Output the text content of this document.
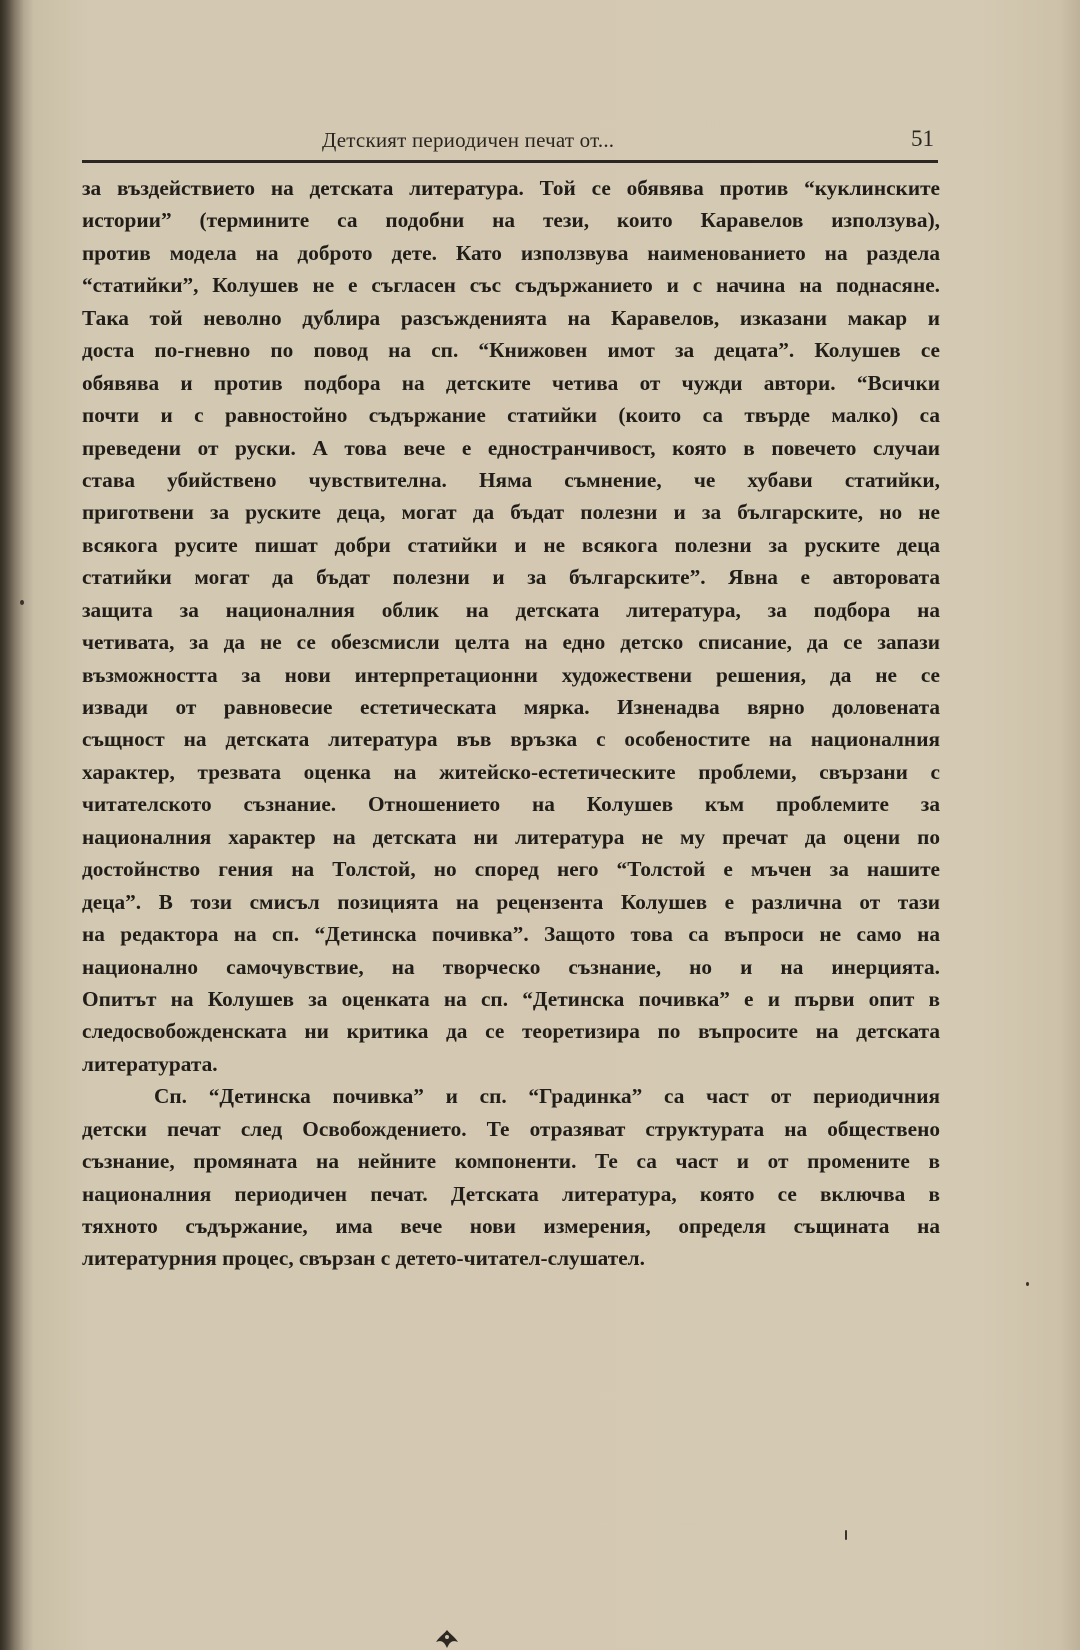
Детският периодичен печат от...	51
за въздействието на детската литература. Той се обявява против “куклинските
истории” (термините са подобни на тези, които Каравелов използува),
против модела на доброто дете. Като използвува наименованието на раздела
“статийки”, Колушев не е съгласен със съдържанието и с начина на поднасяне.
Така той неволно дублира разсъжденията на Каравелов, изказани макар и
доста по-гневно по повод на сп. “Книжовен имот за децата”. Колушев се
обявява и против подбора на детските четива от чужди автори. “Всички
почти и с равностойно съдържание статийки (които са твърде малко) са
преведени от руски. А това вече е едностранчивост, която в повечето случаи
става убийствено чувствителна. Няма съмнение, че хубави статийки,
приготвени за руските деца, могат да бъдат полезни и за българските, но не
всякога русите пишат добри статийки и не всякога полезни за руските деца
статийки могат да бъдат полезни и за българските”. Явна е авторовата
защита за националния облик на детската литература, за подбора на
четивата, за да не се обезсмисли целта на едно детско списание, да се запази
възможността за нови интерпретационни художествени решения, да не се
извади от равновесие естетическата мярка. Изненадва вярно доловената
същност на детската литература във връзка с особеностите на националния
характер, трезвата оценка на житейско-естетическите проблеми, свързани с
читателското съзнание. Отношението на Колушев към проблемите за
националния характер на детската ни литература не му пречат да оцени по
достойнство гения на Толстой, но според него “Толстой е мъчен за нашите
деца”. В този смисъл позицията на рецензента Колушев е различна от тази
на редактора на сп. “Детинска почивка”. Защото това са въпроси не само на
национално самочувствие, на творческо съзнание, но и на инерцията.
Опитът на Колушев за оценката на сп. “Детинска почивка” е и първи опит в
следосвобожденската ни критика да се теоретизира по въпросите на детската
литературата.
Сп. “Детинска почивка” и сп. “Градинка” са част от периодичния
детски печат след Освобождението. Те отразяват структурата на обществено
съзнание, промяната на нейните компоненти. Те са част и от промените в
националния периодичен печат. Детската литература, която се включва в
тяхното съдържание, има вече нови измерения, определя същината на
литературния процес, свързан с детето-читател-слушател.
